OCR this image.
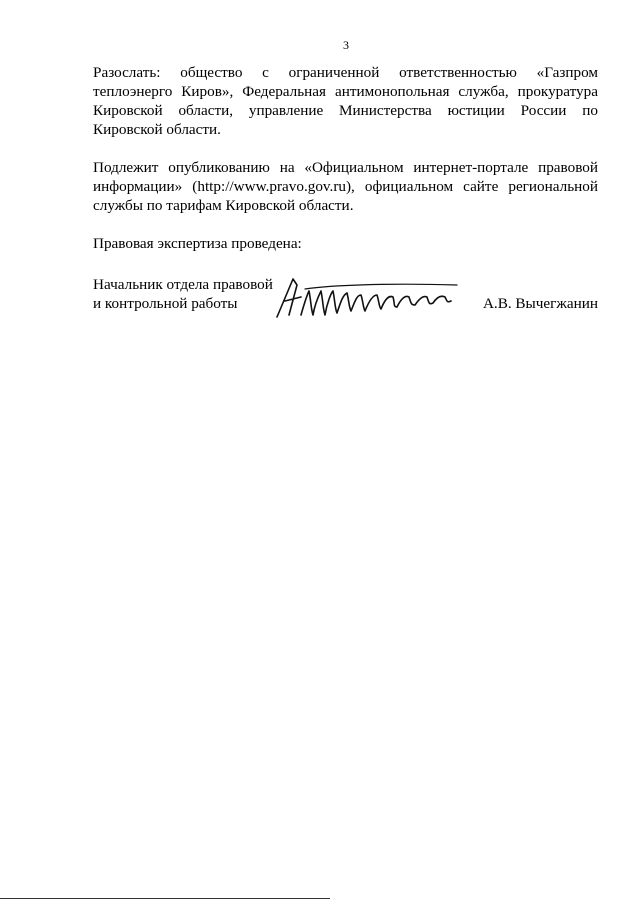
3
Разослать: общество с ограниченной ответственностью «Газпром
теплоэнерго Киров», Федеральная антимонопольная служба, прокуратура
Кировской области, управление Министерства юстиции России по
Кировской области.
Подлежит опубликованию на «Официальном интернет-портале правовой
информации» (http://www.pravo.gov.ru), официальном сайте региональной
службы по тарифам Кировской области.
Правовая экспертиза проведена:
Начальник отдела правовой
и контрольной работы	А.В. Вычегжанин
